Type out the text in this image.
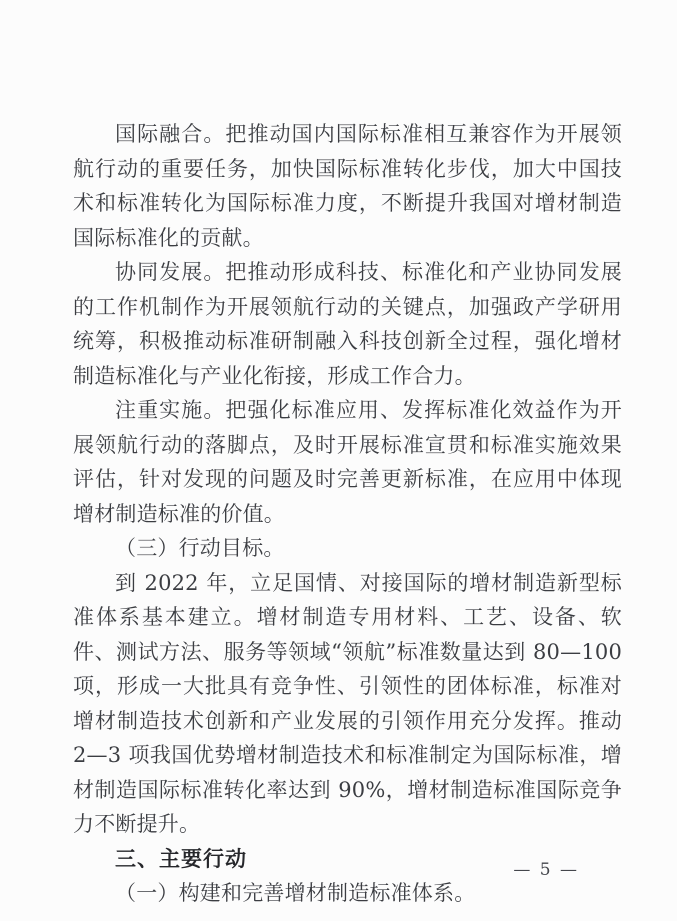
国际融合。把推动国内国际标准相互兼容作为开展领航行动的重要任务，加快国际标准转化步伐，加大中国技术和标准转化为国际标准力度，不断提升我国对增材制造国际标准化的贡献。

协同发展。把推动形成科技、标准化和产业协同发展的工作机制作为开展领航行动的关键点，加强政产学研用统筹，积极推动标准研制融入科技创新全过程，强化增材制造标准化与产业化衔接，形成工作合力。

注重实施。把强化标准应用、发挥标准化效益作为开展领航行动的落脚点，及时开展标准宣贯和标准实施效果评估，针对发现的问题及时完善更新标准，在应用中体现增材制造标准的价值。

（三）行动目标。

到 2022 年，立足国情、对接国际的增材制造新型标准体系基本建立。增材制造专用材料、工艺、设备、软件、测试方法、服务等领域“领航”标准数量达到 80—100 项，形成一大批具有竞争性、引领性的团体标准，标准对增材制造技术创新和产业发展的引领作用充分发挥。推动 2—3 项我国优势增材制造技术和标准制定为国际标准，增材制造国际标准转化率达到 90%，增材制造标准国际竞争力不断提升。

三、主要行动

（一）构建和完善增材制造标准体系。

— 5 —
